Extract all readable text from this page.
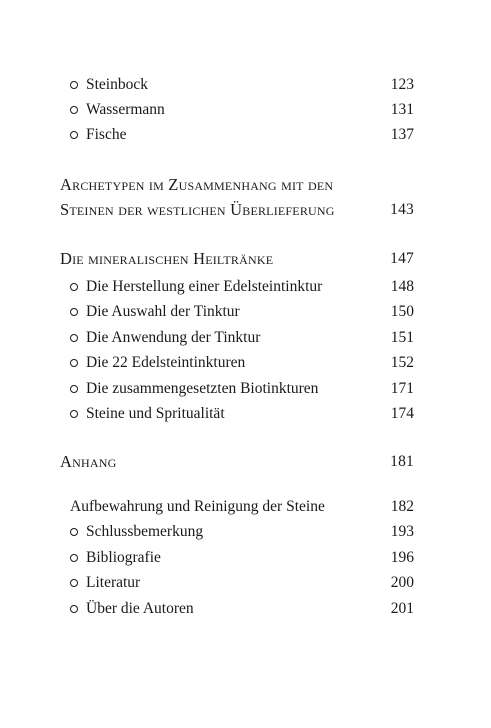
Steinbock	123
Wassermann	131
Fische	137
Archetypen im Zusammenhang mit den
Steinen der westlichen Überlieferung	143
Die mineralischen Heiltränke	147
Die Herstellung einer Edelsteintinktur	148
Die Auswahl der Tinktur	150
Die Anwendung der Tinktur	151
Die 22 Edelsteintinkturen	152
Die zusammengesetzten Biotinkturen	171
Steine und Spritualität	174
Anhang	181
Aufbewahrung und Reinigung der Steine	182
Schlussbemerkung	193
Bibliografie	196
Literatur	200
Über die Autoren	201
